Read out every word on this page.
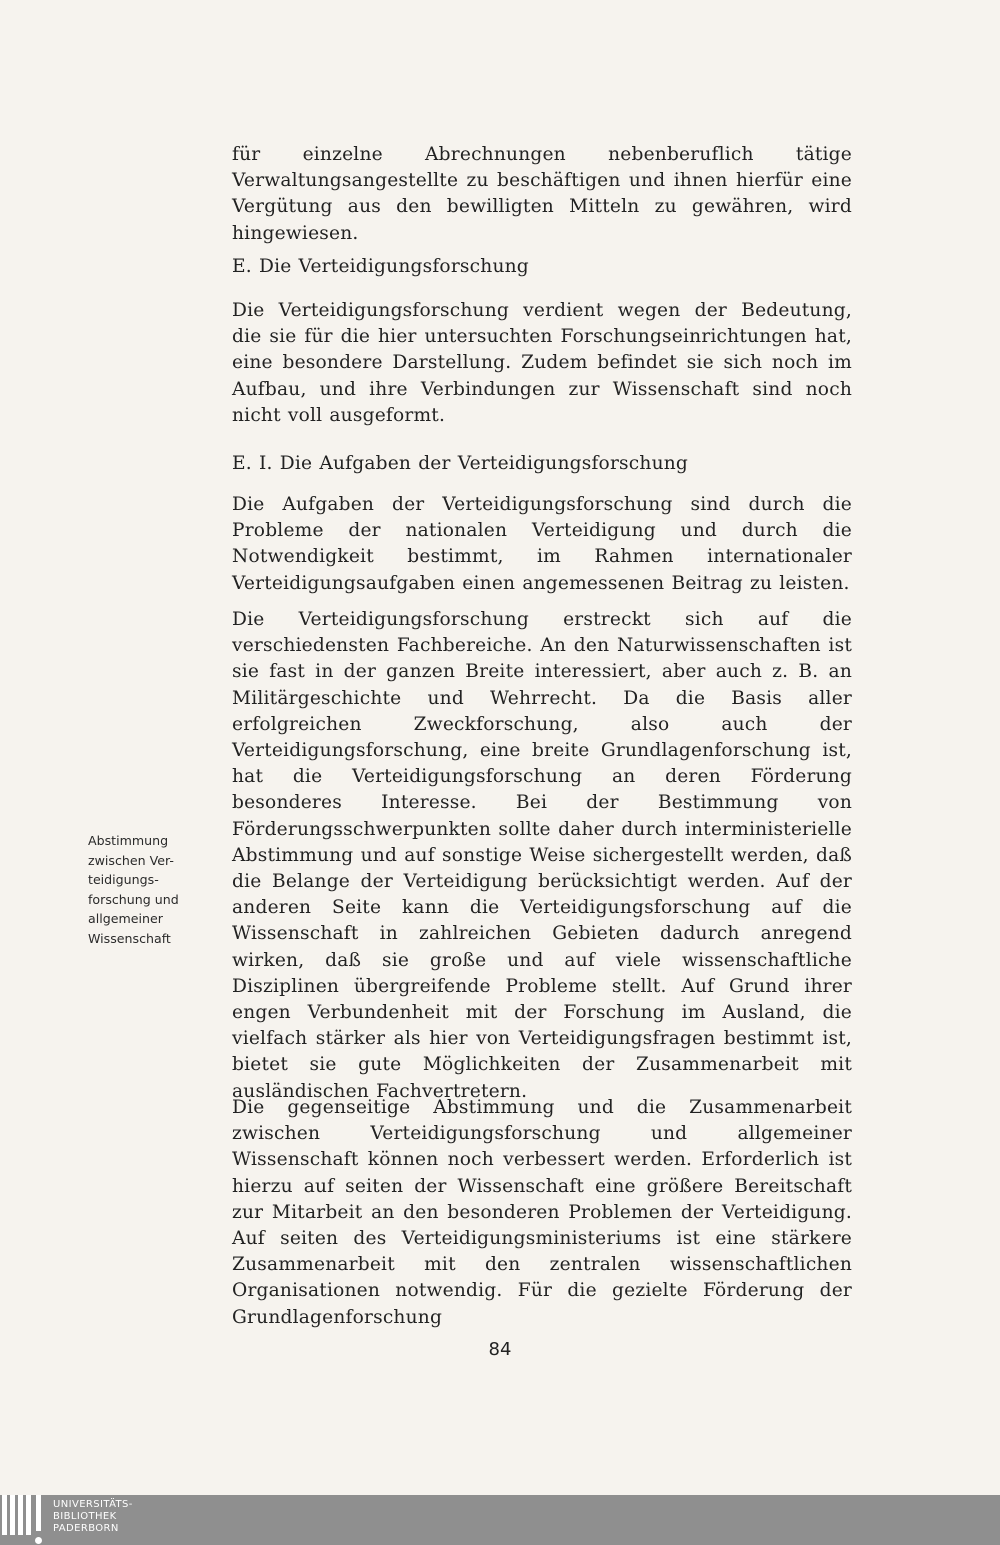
für einzelne Abrechnungen nebenberuflich tätige Verwaltungsangestellte zu beschäftigen und ihnen hierfür eine Vergütung aus den bewilligten Mitteln zu gewähren, wird hingewiesen.

E. Die Verteidigungsforschung

Die Verteidigungsforschung verdient wegen der Bedeutung, die sie für die hier untersuchten Forschungseinrichtungen hat, eine besondere Darstellung. Zudem befindet sie sich noch im Aufbau, und ihre Verbindungen zur Wissenschaft sind noch nicht voll ausgeformt.

E. I. Die Aufgaben der Verteidigungsforschung

Die Aufgaben der Verteidigungsforschung sind durch die Probleme der nationalen Verteidigung und durch die Notwendigkeit bestimmt, im Rahmen internationaler Verteidigungsaufgaben einen angemessenen Beitrag zu leisten.

Die Verteidigungsforschung erstreckt sich auf die verschiedensten Fachbereiche. An den Naturwissenschaften ist sie fast in der ganzen Breite interessiert, aber auch z. B. an Militärgeschichte und Wehrrecht. Da die Basis aller erfolgreichen Zweckforschung, also auch der Verteidigungsforschung, eine breite Grundlagenforschung ist, hat die Verteidigungsforschung an deren Förderung besonderes Interesse. Bei der Bestimmung von Förderungsschwerpunkten sollte daher durch interministerielle Abstimmung und auf sonstige Weise sichergestellt werden, daß die Belange der Verteidigung berücksichtigt werden. Auf der anderen Seite kann die Verteidigungsforschung auf die Wissenschaft in zahlreichen Gebieten dadurch anregend wirken, daß sie große und auf viele wissenschaftliche Disziplinen übergreifende Probleme stellt. Auf Grund ihrer engen Verbundenheit mit der Forschung im Ausland, die vielfach stärker als hier von Verteidigungsfragen bestimmt ist, bietet sie gute Möglichkeiten der Zusammenarbeit mit ausländischen Fachvertretern.

Die gegenseitige Abstimmung und die Zusammenarbeit zwischen Verteidigungsforschung und allgemeiner Wissenschaft können noch verbessert werden. Erforderlich ist hierzu auf seiten der Wissenschaft eine größere Bereitschaft zur Mitarbeit an den besonderen Problemen der Verteidigung. Auf seiten des Verteidigungsministeriums ist eine stärkere Zusammenarbeit mit den zentralen wissenschaftlichen Organisationen notwendig. Für die gezielte Förderung der Grundlagenforschung

Abstimmung
zwischen Ver-
teidigungs-
forschung und
allgemeiner
Wissenschaft
84
UNIVERSITÄTS-
BIBLIOTHEK
PADERBORN
